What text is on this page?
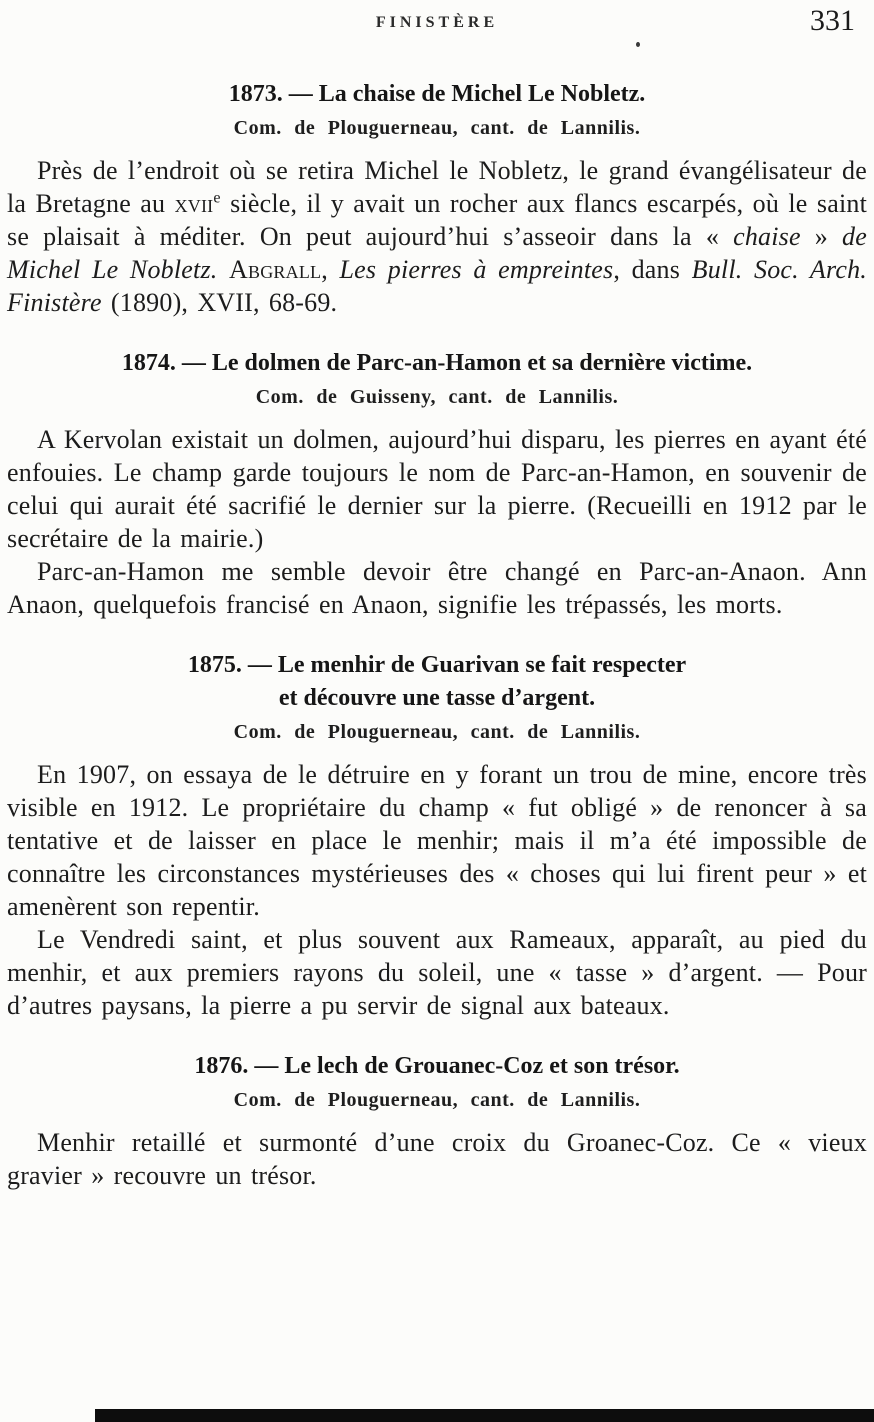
FINISTÈRE	331
1873. — La chaise de Michel Le Nobletz.
Com. de Plouguerneau, cant. de Lannilis.

Près de l’endroit où se retira Michel le Nobletz, le grand évangélisateur de la Bretagne au xvii$^e$ siècle, il y avait un rocher aux flancs escarpés, où le saint se plaisait à méditer. On peut aujourd’hui s’asseoir dans la « chaise » de Michel Le Nobletz. Abgrall, Les pierres à empreintes, dans Bull. Soc. Arch. Finistère (1890), XVII, 68-69.

1874. — Le dolmen de Parc-an-Hamon et sa dernière victime.
Com. de Guisseny, cant. de Lannilis.

A Kervolan existait un dolmen, aujourd’hui disparu, les pierres en ayant été enfouies. Le champ garde toujours le nom de Parc-an-Hamon, en souvenir de celui qui aurait été sacrifié le dernier sur la pierre. (Recueilli en 1912 par le secrétaire de la mairie.)

Parc-an-Hamon me semble devoir être changé en Parc-an-Anaon. Ann Anaon, quelquefois francisé en Anaon, signifie les trépassés, les morts.

1875. — Le menhir de Guarivan se fait respecter
et découvre une tasse d’argent.
Com. de Plouguerneau, cant. de Lannilis.

En 1907, on essaya de le détruire en y forant un trou de mine, encore très visible en 1912. Le propriétaire du champ « fut obligé » de renoncer à sa tentative et de laisser en place le menhir; mais il m’a été impossible de connaître les circonstances mystérieuses des « choses qui lui firent peur » et amenèrent son repentir.

Le Vendredi saint, et plus souvent aux Rameaux, apparaît, au pied du menhir, et aux premiers rayons du soleil, une « tasse » d’argent. — Pour d’autres paysans, la pierre a pu servir de signal aux bateaux.

1876. — Le lech de Grouanec-Coz et son trésor.
Com. de Plouguerneau, cant. de Lannilis.

Menhir retaillé et surmonté d’une croix du Groanec-Coz. Ce « vieux gravier » recouvre un trésor.
